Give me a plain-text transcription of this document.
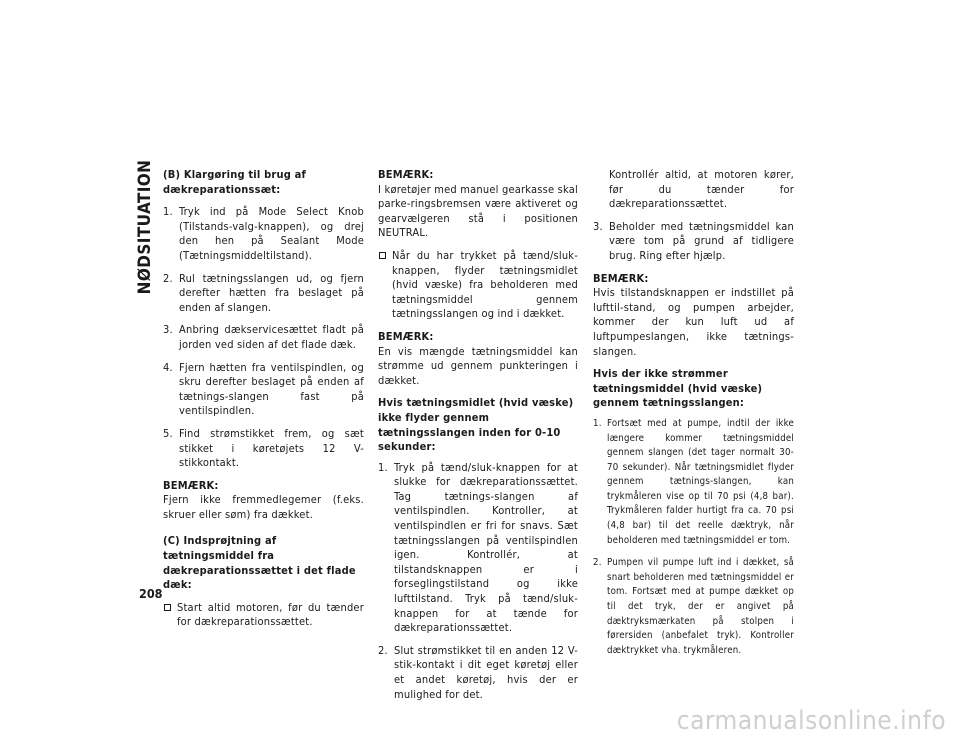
NØDSITUATION (B) Klargøring til brug af dækreparationssæt:

1. Tryk ind på Mode Select Knob (Tilstands-valg-knappen), og drej den hen på Sealant Mode (Tætningsmiddeltilstand).
2. Rul tætningsslangen ud, og fjern derefter hætten fra beslaget på enden af slangen.
3. Anbring dækservicesættet fladt på jorden ved siden af det flade dæk.
4. Fjern hætten fra ventilspindlen, og skru derefter beslaget på enden af tætnings-slangen fast på ventilspindlen.
5. Find strømstikket frem, og sæt stikket i køretøjets 12 V-stikkontakt.

BEMÆRK:

Fjern ikke fremmedlegemer (f.eks. skruer eller søm) fra dækket.

(C) Indsprøjtning af tætningsmiddel fra dækreparationssættet i det flade dæk:

Start altid motoren, før du tænder for dækreparationssættet.

BEMÆRK:

I køretøjer med manuel gearkasse skal parke-ringsbremsen være aktiveret og gearvælgeren stå i positionen NEUTRAL.

Når du har trykket på tænd/sluk-knappen, flyder tætningsmidlet (hvid væske) fra beholderen med tætningsmiddel gennem tætningsslangen og ind i dækket.

BEMÆRK:

En vis mængde tætningsmiddel kan strømme ud gennem punkteringen i dækket.

Hvis tætningsmidlet (hvid væske) ikke flyder gennem tætningsslangen inden for 0-10 sekunder:

1. Tryk på tænd/sluk-knappen for at slukke for dækreparationssættet. Tag tætnings-slangen af ventilspindlen. Kontroller, at ventilspindlen er fri for snavs. Sæt tætningsslangen på ventilspindlen igen. Kontrollér, at tilstandsknappen er i forseglingstilstand og ikke lufttilstand. Tryk på tænd/sluk-knappen for at tænde for dækreparationssættet.
2. Slut strømstikket til en anden 12 V-stik-kontakt i dit eget køretøj eller et andet køretøj, hvis der er mulighed for det.

Kontrollér altid, at motoren kører, før du tænder for dækreparationssættet.

3. Beholder med tætningsmiddel kan være tom på grund af tidligere brug. Ring efter hjælp.

BEMÆRK:

Hvis tilstandsknappen er indstillet på lufttil-stand, og pumpen arbejder, kommer der kun luft ud af luftpumpeslangen, ikke tætnings-slangen.

Hvis der ikke strømmer tætningsmiddel (hvid væske) gennem tætningsslangen:

1. Fortsæt med at pumpe, indtil der ikke længere kommer tætningsmiddel gennem slangen (det tager normalt 30-70 sekunder). Når tætningsmidlet flyder gennem tætnings-slangen, kan trykmåleren vise op til 70 psi (4,8 bar). Trykmåleren falder hurtigt fra ca. 70 psi (4,8 bar) til det reelle dæktryk, når beholderen med tætningsmiddel er tom.
2. Pumpen vil pumpe luft ind i dækket, så snart beholderen med tætningsmiddel er tom. Fortsæt med at pumpe dækket op til det tryk, der er angivet på dæktryksmærkaten på stolpen i førersiden (anbefalet tryk). Kontroller dæktrykket vha. trykmåleren.
208
carmanualsonline.info
